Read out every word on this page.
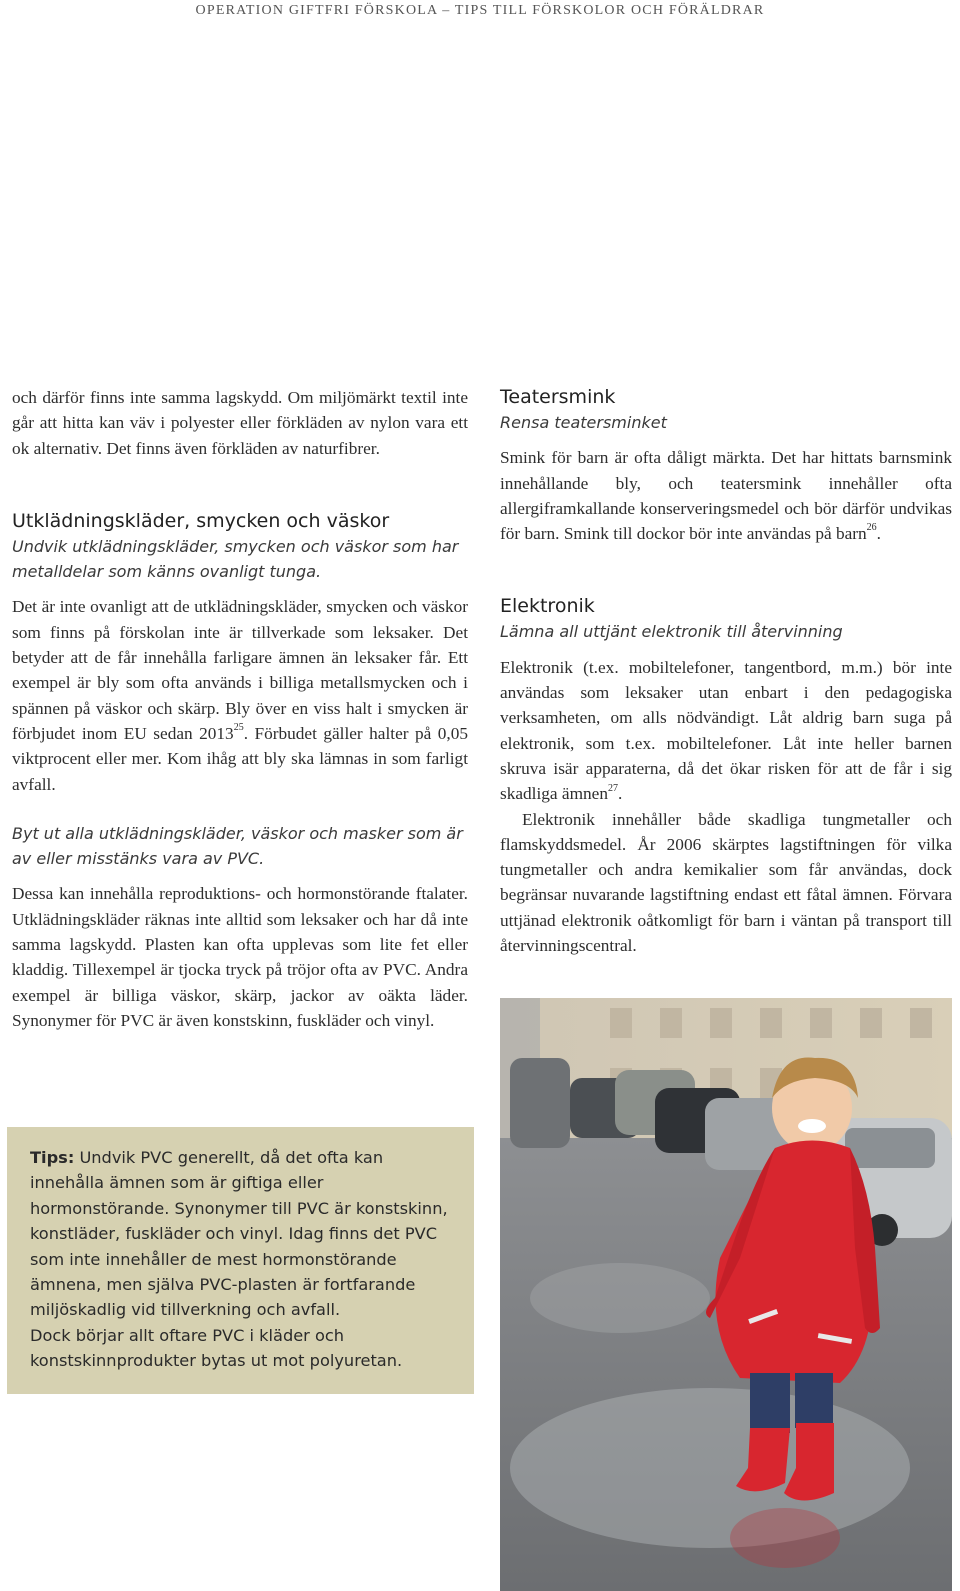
OPERATION GIFTFRI FÖRSKOLA – TIPS TILL FÖRSKOLOR OCH FÖRÄLDRAR

och därför finns inte samma lagskydd. Om miljömärkt textil inte går att hitta kan väv i polyester eller förkläden av nylon vara ett ok alternativ. Det finns även förkläden av naturfibrer.

Utklädningskläder, smycken och väskor

Undvik utklädningskläder, smycken och väskor som har metalldelar som känns ovanligt tunga.

Det är inte ovanligt att de utklädningskläder, smycken och väskor som finns på förskolan inte är tillverkade som leksaker. Det betyder att de får innehålla farligare ämnen än leksaker får. Ett exempel är bly som ofta används i billiga metallsmycken och i spännen på väskor och skärp. Bly över en viss halt i smycken är förbjudet inom EU sedan 2013$^{25}$. Förbudet gäller halter på 0,05 viktprocent eller mer. Kom ihåg att bly ska lämnas in som farligt avfall.

Byt ut alla utklädningskläder, väskor och masker som är av eller misstänks vara av PVC.

Dessa kan innehålla reproduktions- och hormonstörande ftalater. Utklädningskläder räknas inte alltid som leksaker och har då inte samma lagskydd. Plasten kan ofta upplevas som lite fet eller kladdig. Tillexempel är tjocka tryck på tröjor ofta av PVC. Andra exempel är billiga väskor, skärp, jackor av oäkta läder. Synonymer för PVC är även konstskinn, fuskläder och vinyl.

Tips: Undvik PVC generellt, då det ofta kan innehålla ämnen som är giftiga eller hormonstörande. Synonymer till PVC är konstskinn, konstläder, fuskläder och vinyl. Idag finns det PVC som inte innehåller de mest hormonstörande ämnena, men själva PVC-plasten är fortfarande miljöskadlig vid tillverkning och avfall.

Dock börjar allt oftare PVC i kläder och konstskinnprodukter bytas ut mot polyuretan.

Teatersmink

Rensa teatersminket

Smink för barn är ofta dåligt märkta. Det har hittats barnsmink innehållande bly, och teatersmink innehåller ofta allergiframkallande konserveringsmedel och bör därför undvikas för barn. Smink till dockor bör inte användas på barn$^{26}$.

Elektronik

Lämna all uttjänt elektronik till återvinning

Elektronik (t.ex. mobiltelefoner, tangentbord, m.m.) bör inte användas som leksaker utan enbart i den pedagogiska verksamheten, om alls nödvändigt. Låt aldrig barn suga på elektronik, som t.ex. mobiltelefoner. Låt inte heller barnen skruva isär apparaterna, då det ökar risken för att de får i sig skadliga ämnen$^{27}$.

Elektronik innehåller både skadliga tungmetaller och flamskyddsmedel. År 2006 skärptes lagstiftningen för vilka tungmetaller och andra kemikalier som får användas, dock begränsar nuvarande lagstiftning endast ett fåtal ämnen. Förvara uttjänad elektronik oåtkomligt för barn i väntan på transport till återvinningscentral.
